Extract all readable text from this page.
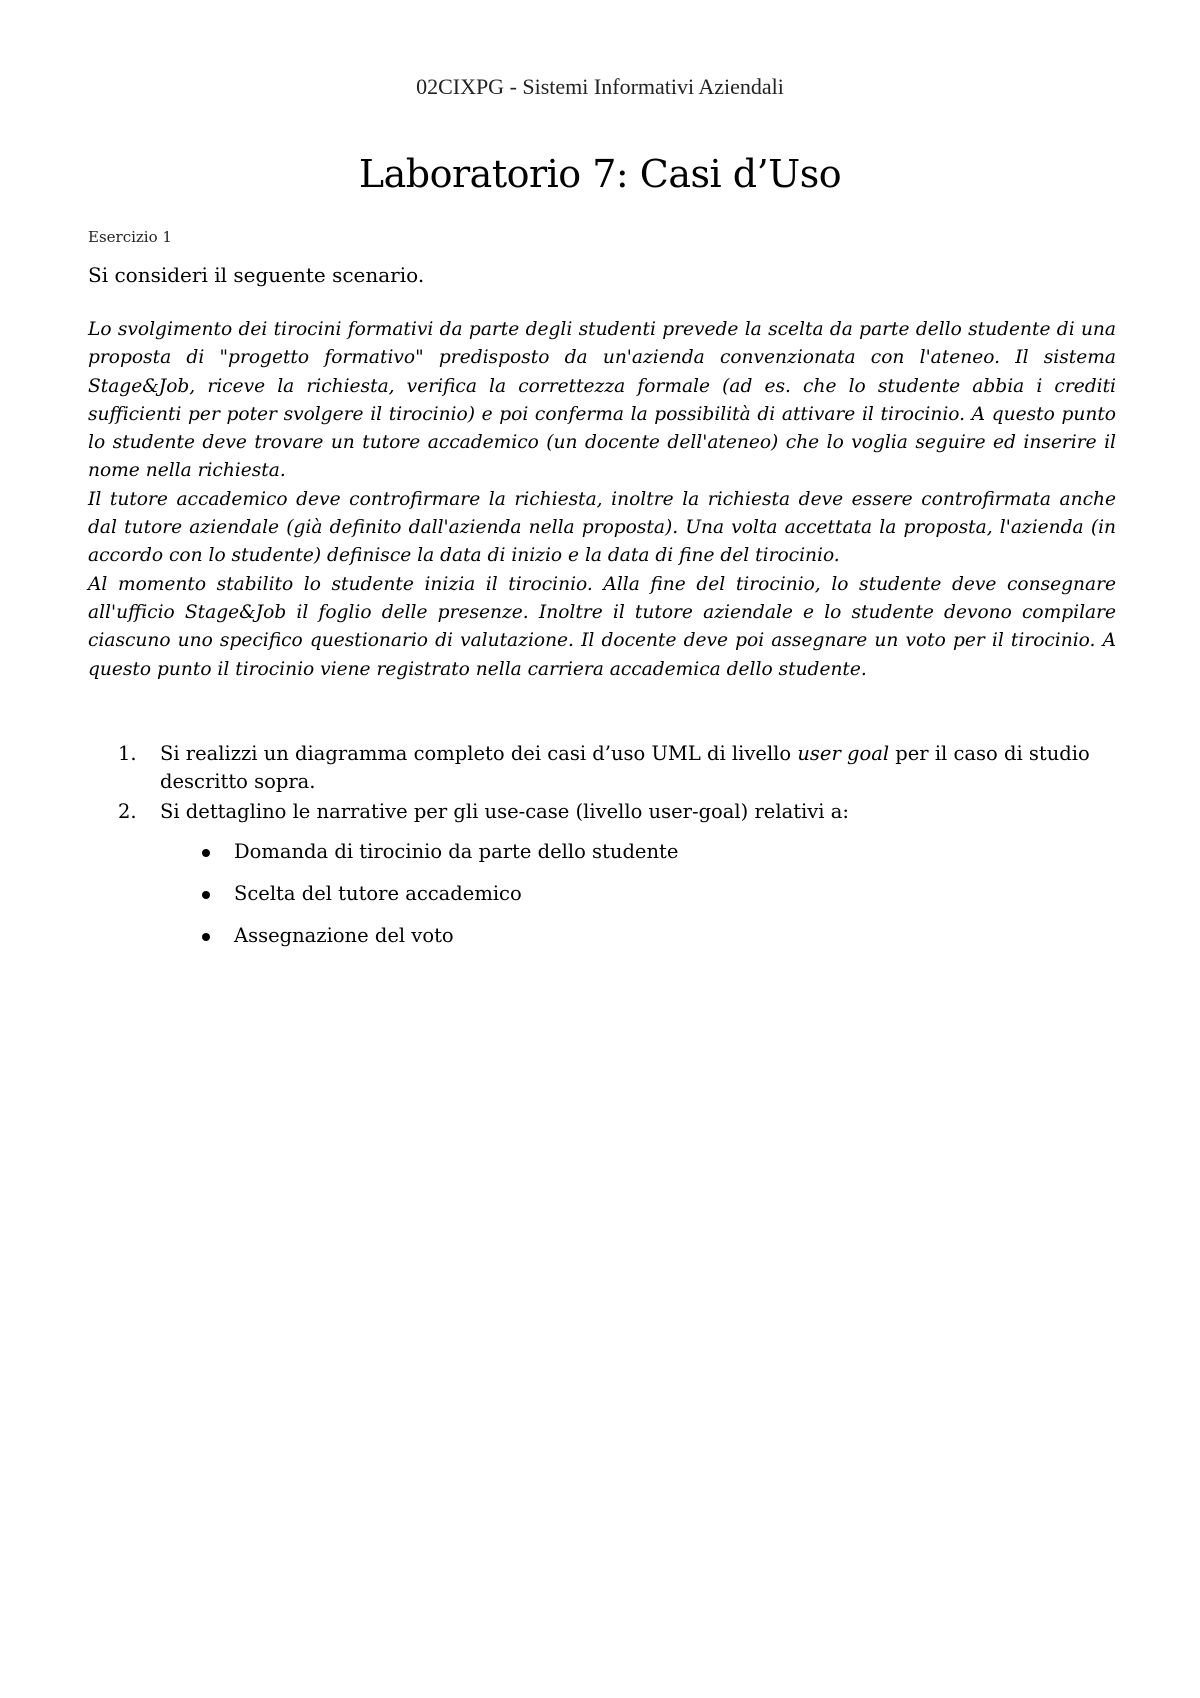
02CIXPG - Sistemi Informativi Aziendali
Laboratorio 7: Casi d’Uso
Esercizio 1
Si consideri il seguente scenario.

Lo svolgimento dei tirocini formativi da parte degli studenti prevede la scelta da parte dello studente di una proposta di "progetto formativo" predisposto da un'azienda convenzionata con l'ateneo. Il sistema Stage&Job, riceve la richiesta, verifica la correttezza formale (ad es. che lo studente abbia i crediti sufficienti per poter svolgere il tirocinio) e poi conferma la possibilità di attivare il tirocinio. A questo punto lo studente deve trovare un tutore accademico (un docente dell'ateneo) che lo voglia seguire ed inserire il nome nella richiesta.

Il tutore accademico deve controfirmare la richiesta, inoltre la richiesta deve essere controfirmata anche dal tutore aziendale (già definito dall'azienda nella proposta). Una volta accettata la proposta, l'azienda (in accordo con lo studente) definisce la data di inizio e la data di fine del tirocinio.

Al momento stabilito lo studente inizia il tirocinio. Alla fine del tirocinio, lo studente deve consegnare all'ufficio Stage&Job il foglio delle presenze. Inoltre il tutore aziendale e lo studente devono compilare ciascuno uno specifico questionario di valutazione. Il docente deve poi assegnare un voto per il tirocinio. A questo punto il tirocinio viene registrato nella carriera accademica dello studente.

1. Si realizzi un diagramma completo dei casi d’uso UML di livello user goal per il caso di studio descritto sopra.
2. Si dettaglino le narrative per gli use-case (livello user-goal) relativi a:
Domanda di tirocinio da parte dello studente
Scelta del tutore accademico
Assegnazione del voto
